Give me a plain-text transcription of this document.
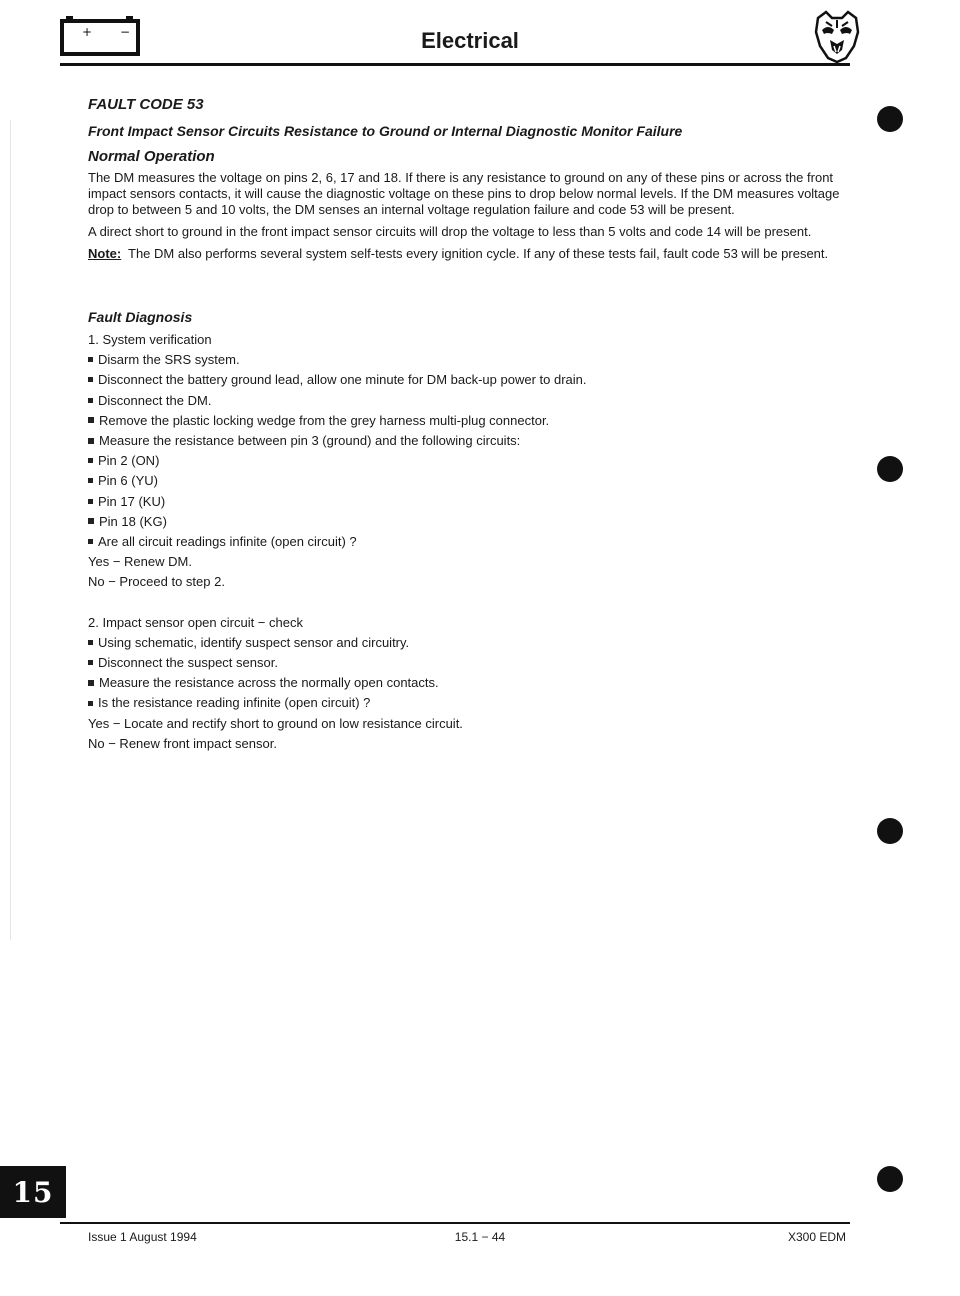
+ −	Electrical
FAULT CODE 53
Front Impact Sensor Circuits Resistance to Ground or Internal Diagnostic Monitor Failure
Normal Operation

The DM measures the voltage on pins 2, 6, 17 and 18. If there is any resistance to ground on any of these pins or across the front impact sensors contacts, it will cause the diagnostic voltage on these pins to drop below normal levels. If the DM measures voltage drop to between 5 and 10 volts, the DM senses an internal voltage regulation failure and code 53 will be present.

A direct short to ground in the front impact sensor circuits will drop the voltage to less than 5 volts and code 14 will be present.

Note: The DM also performs several system self-tests every ignition cycle. If any of these tests fail, fault code 53 will be present.
Fault Diagnosis
1. System verification
Disarm the SRS system.
Disconnect the battery ground lead, allow one minute for DM back-up power to drain.
Disconnect the DM.
Remove the plastic locking wedge from the grey harness multi-plug connector.
Measure the resistance between pin 3 (ground) and the following circuits:
Pin 2 (ON)
Pin 6 (YU)
Pin 17 (KU)
Pin 18 (KG)
Are all circuit readings infinite (open circuit) ?
Yes − Renew DM.
No − Proceed to step 2.
2. Impact sensor open circuit − check
Using schematic, identify suspect sensor and circuitry.
Disconnect the suspect sensor.
Measure the resistance across the normally open contacts.
Is the resistance reading infinite (open circuit) ?
Yes − Locate and rectify short to ground on low resistance circuit.
No − Renew front impact sensor.
15
Issue 1 August 1994	15.1 − 44	X300 EDM
